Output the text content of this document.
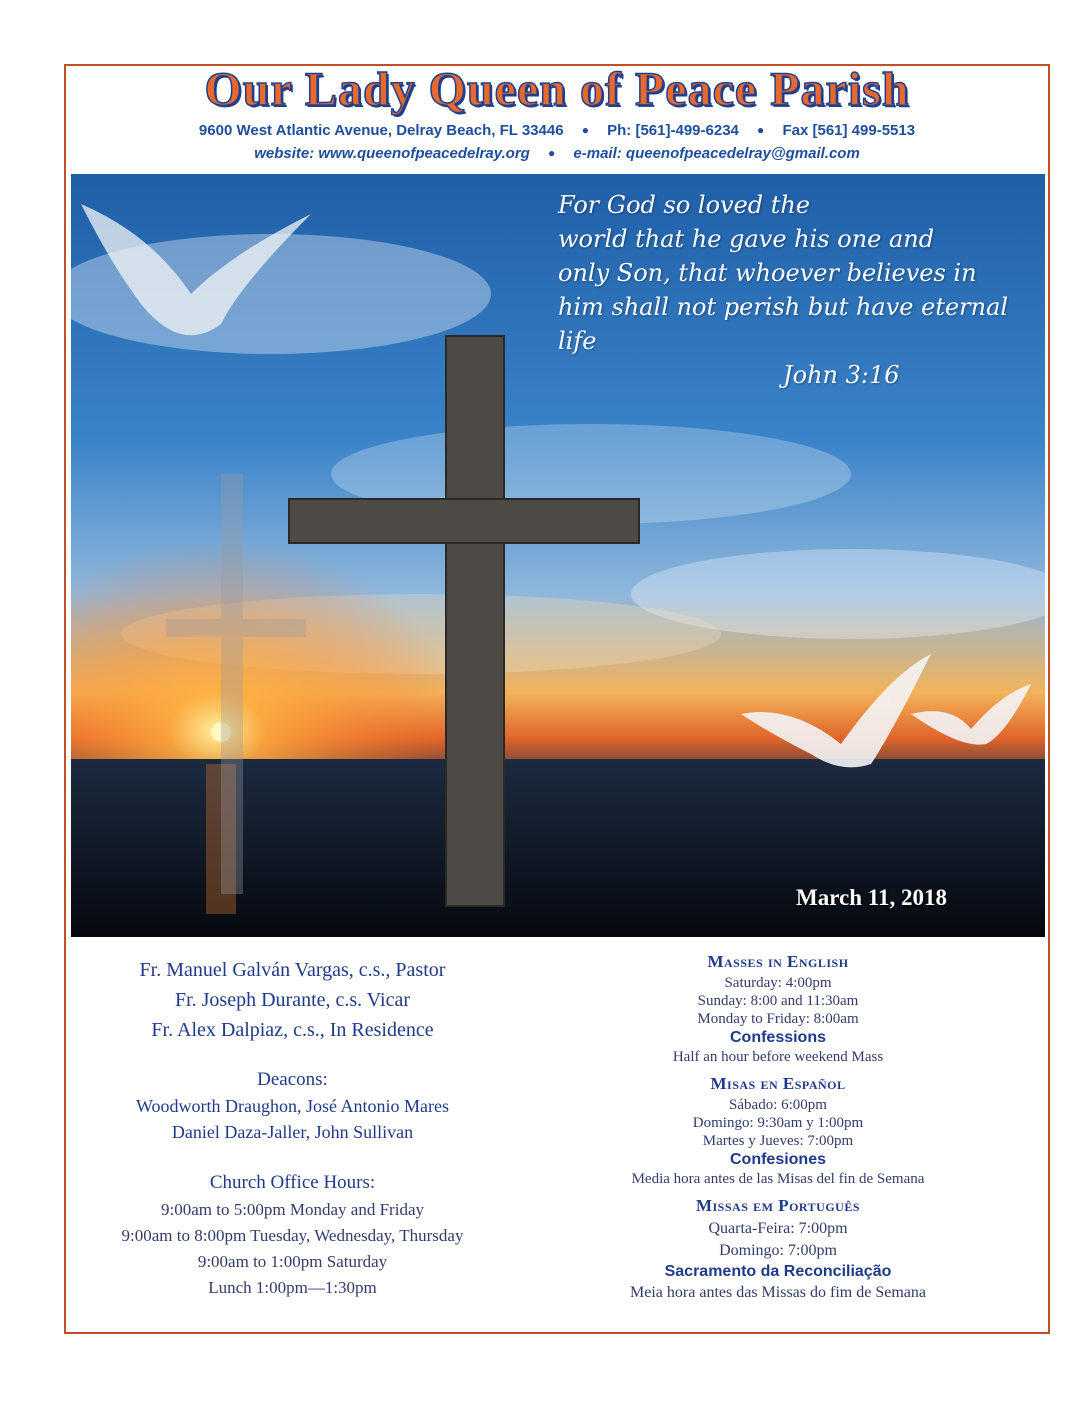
Our Lady Queen of Peace Parish
9600 West Atlantic Avenue, Delray Beach, FL 33446 ● Ph: [561]-499-6234 ● Fax [561] 499-5513
website: www.queenofpeacedelray.org ● e-mail: queenofpeacedelray@gmail.com
For God so loved the
world that he gave his one and
only Son, that whoever believes in
him shall not perish but have eternal life
John 3:16
March 11, 2018
Fr. Manuel Galván Vargas, c.s., Pastor
Fr. Joseph Durante, c.s. Vicar
Fr. Alex Dalpiaz, c.s., In Residence
Deacons:
Woodworth Draughon, José Antonio Mares
Daniel Daza-Jaller, John Sullivan
Church Office Hours:
9:00am to 5:00pm Monday and Friday
9:00am to 8:00pm Tuesday, Wednesday, Thursday
9:00am to 1:00pm Saturday
Lunch 1:00pm—1:30pm
Masses in English
Saturday: 4:00pm
Sunday: 8:00 and 11:30am
Monday to Friday: 8:00am
Confessions
Half an hour before weekend Mass
Misas en Español
Sábado: 6:00pm
Domingo: 9:30am y 1:00pm
Martes y Jueves: 7:00pm
Confesiones
Media hora antes de las Misas del fin de Semana
Missas em Português
Quarta-Feira: 7:00pm
Domingo: 7:00pm
Sacramento da Reconciliação
Meia hora antes das Missas do fim de Semana
